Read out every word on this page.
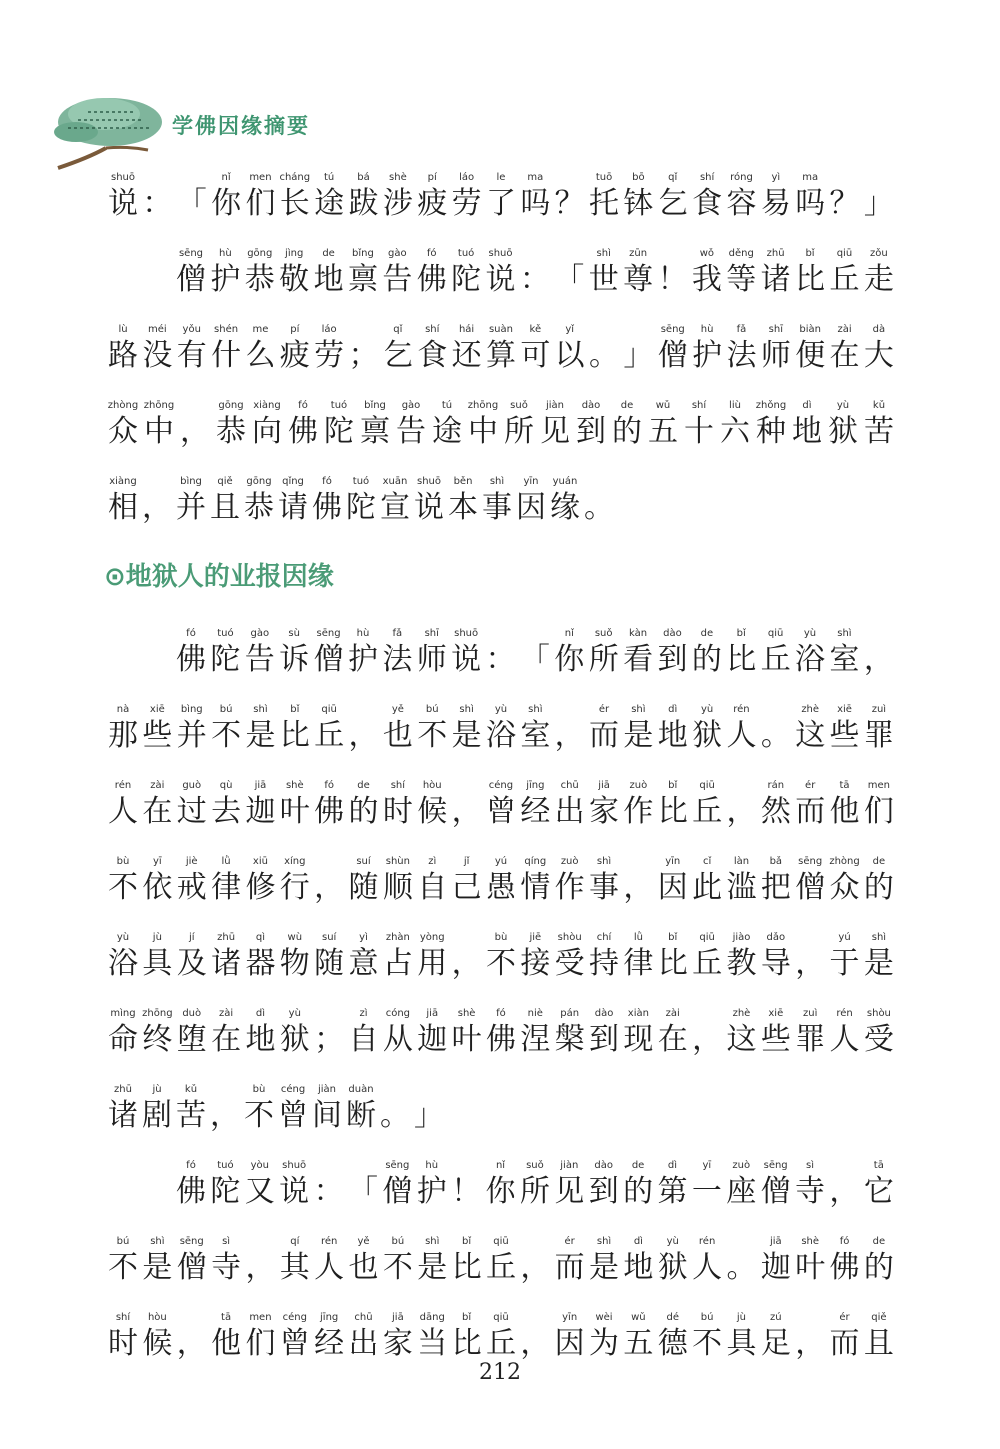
学佛因缘摘要
shuō
说 ： 「
nǐ
你
men
们
cháng
长
tú
途
bá
跋
shè
涉
pí
疲
láo
劳
le
了
ma
吗 ？
tuō
托
bō
钵
qǐ
乞
shí
食
róng
容
yì
易
ma
吗 ？ 」
sēng
僧
hù
护
gōng
恭
jìng
敬
de
地
bǐng
禀
gào
告
fó
佛
tuó
陀
shuō
说 ： 「
shì
世
zūn
尊 ！
wǒ
我
děng
等
zhū
诸
bǐ
比
qiū
丘
zǒu
走
lù
路
méi
没
yǒu
有
shén
什
me
么
pí
疲
láo
劳 ；
qǐ
乞
shí
食
hái
还
suàn
算
kě
可
yǐ
以 。 」
sēng
僧
hù
护
fǎ
法
shī
师
biàn
便
zài
在
dà
大
zhòng
众
zhōng
中 ，
gōng
恭
xiàng
向
fó
佛
tuó
陀
bǐng
禀
gào
告
tú
途
zhōng
中
suǒ
所
jiàn
见
dào
到
de
的
wǔ
五
shí
十
liù
六
zhǒng
种
dì
地
yù
狱
kǔ
苦
xiàng
相 ，
bìng
并
qiě
且
gōng
恭
qǐng
请
fó
佛
tuó
陀
xuān
宣
shuō
说
běn
本
shì
事
yīn
因
yuán
缘 。
fó
佛
tuó
陀
gào
告
sù
诉
sēng
僧
hù
护
fǎ
法
shī
师
shuō
说 ： 「
nǐ
你
suǒ
所
kàn
看
dào
到
de
的
bǐ
比
qiū
丘
yù
浴
shì
室 ，
nà
那
xiē
些
bìng
并
bú
不
shì
是
bǐ
比
qiū
丘 ，
yě
也
bú
不
shì
是
yù
浴
shì
室 ，
ér
而
shì
是
dì
地
yù
狱
rén
人 。
zhè
这
xiē
些
zuì
罪
rén
人
zài
在
guò
过
qù
去
jiā
迦
shè
叶
fó
佛
de
的
shí
时
hòu
候 ，
céng
曾
jīng
经
chū
出
jiā
家
zuò
作
bǐ
比
qiū
丘 ，
rán
然
ér
而
tā
他
men
们
bù
不
yī
依
jiè
戒
lǜ
律
xiū
修
xíng
行 ，
suí
随
shùn
顺
zì
自
jǐ
己
yú
愚
qíng
情
zuò
作
shì
事 ，
yīn
因
cǐ
此
làn
滥
bǎ
把
sēng
僧
zhòng
众
de
的
yù
浴
jù
具
jí
及
zhū
诸
qì
器
wù
物
suí
随
yì
意
zhàn
占
yòng
用 ，
bù
不
jiē
接
shòu
受
chí
持
lǜ
律
bǐ
比
qiū
丘
jiào
教
dǎo
导 ，
yú
于
shì
是
mìng
命
zhōng
终
duò
堕
zài
在
dì
地
yù
狱 ；
zì
自
cóng
从
jiā
迦
shè
叶
fó
佛
niè
涅
pán
槃
dào
到
xiàn
现
zài
在 ，
zhè
这
xiē
些
zuì
罪
rén
人
shòu
受
zhū
诸
jù
剧
kǔ
苦 ，
bù
不
céng
曾
jiàn
间
duàn
断 。 」
fó
佛
tuó
陀
yòu
又
shuō
说 ： 「
sēng
僧
hù
护 ！
nǐ
你
suǒ
所
jiàn
见
dào
到
de
的
dì
第
yī
一
zuò
座
sēng
僧
sì
寺 ，
tā
它
bú
不
shì
是
sēng
僧
sì
寺 ，
qí
其
rén
人
yě
也
bú
不
shì
是
bǐ
比
qiū
丘 ，
ér
而
shì
是
dì
地
yù
狱
rén
人 。
jiā
迦
shè
叶
fó
佛
de
的
shí
时
hòu
候 ，
tā
他
men
们
céng
曾
jīng
经
chū
出
jiā
家
dāng
当
bǐ
比
qiū
丘 ，
yīn
因
wèi
为
wǔ
五
dé
德
bú
不
jù
具
zú
足 ，
ér
而
qiě
且
⊙地狱人的业报因缘
212
